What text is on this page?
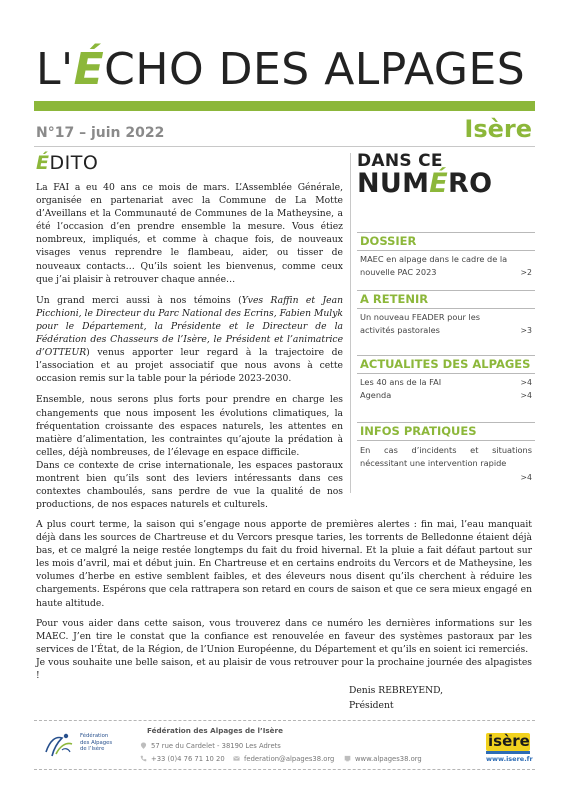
L'ÉCHO DES ALPAGES
N°17 – juin 2022	Isère
ÉDITO

La FAI a eu 40 ans ce mois de mars. L’Assemblée Générale, organisée en partenariat avec la Commune de La Motte d’Aveillans et la Communauté de Communes de la Matheysine, a été l’occasion d’en prendre ensemble la mesure. Vous étiez nombreux, impliqués, et comme à chaque fois, de nouveaux visages venus reprendre le flambeau, aider, ou tisser de nouveaux contacts… Qu’ils soient les bienvenus, comme ceux que j’ai plaisir à retrouver chaque année…

Un grand merci aussi à nos témoins (Yves Raffin et Jean Picchioni, le Directeur du Parc National des Ecrins, Fabien Mulyk pour le Département, la Présidente et le Directeur de la Fédération des Chasseurs de l’Isère, le Président et l’animatrice d’OTTEUR) venus apporter leur regard à la trajectoire de l’association et au projet associatif que nous avons à cette occasion remis sur la table pour la période 2023-2030.

Ensemble, nous serons plus forts pour prendre en charge les changements que nous imposent les évolutions climatiques, la fréquentation croissante des espaces naturels, les attentes en matière d’alimentation, les contraintes qu’ajoute la prédation à celles, déjà nombreuses, de l’élevage en espace difficile.

Dans ce contexte de crise internationale, les espaces pastoraux montrent bien qu’ils sont des leviers intéressants dans ces contextes chamboulés, sans perdre de vue la qualité de nos productions, de nos espaces naturels et culturels.

DANS CE
NUMÉRO
DOSSIER
MAEC en alpage dans le cadre de la nouvelle PAC 2023	>2
A RETENIR
Un nouveau FEADER pour les activités pastorales	>3
ACTUALITES DES ALPAGES
Les 40 ans de la FAI	>4
Agenda	>4
INFOS PRATIQUES
En cas d’incidents et situations nécessitant une intervention rapide
>4

A plus court terme, la saison qui s’engage nous apporte de premières alertes : fin mai, l’eau manquait déjà dans les sources de Chartreuse et du Vercors presque taries, les torrents de Belledonne étaient déjà bas, et ce malgré la neige restée longtemps du fait du froid hivernal. Et la pluie a fait défaut partout sur les mois d’avril, mai et début juin. En Chartreuse et en certains endroits du Vercors et de Matheysine, les volumes d’herbe en estive semblent faibles, et des éleveurs nous disent qu’ils cherchent à réduire les chargements. Espérons que cela rattrapera son retard en cours de saison et que ce sera mieux engagé en haute altitude.

Pour vous aider dans cette saison, vous trouverez dans ce numéro les dernières informations sur les MAEC. J’en tire le constat que la confiance est renouvelée en faveur des systèmes pastoraux par les services de l’État, de la Région, de l’Union Européenne, du Département et qu’ils en soient ici remerciés.

Je vous souhaite une belle saison, et au plaisir de vous retrouver pour la prochaine journée des alpagistes !

Denis REBREYEND,
Président
Fédération
des Alpages
de l’Isère
Fédération des Alpages de l’Isère
57 rue du Cardelet - 38190 Les Adrets
+33 (0)4 76 71 10 20	federation@alpages38.org	www.alpages38.org
isère
www.isere.fr
